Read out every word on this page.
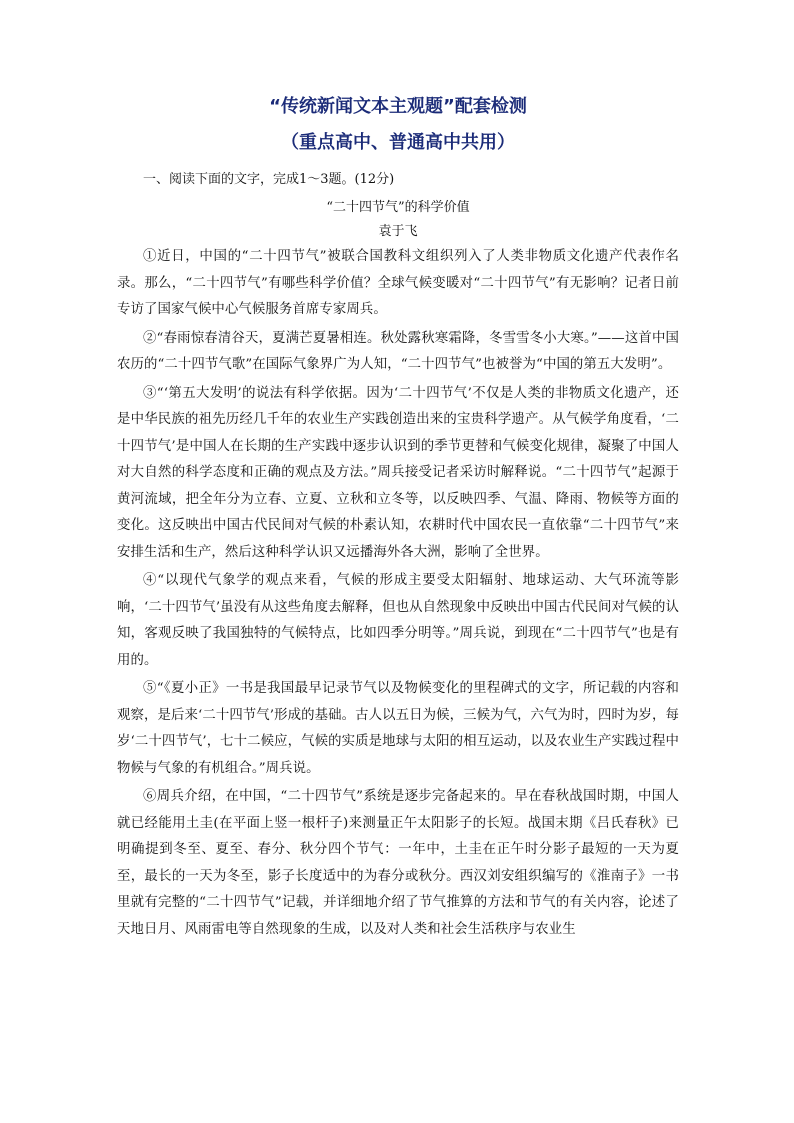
“传统新闻文本主观题”配套检测
（重点高中、普通高中共用）

一、阅读下面的文字，完成1～3题。(12分)

“二十四节气”的科学价值

袁于飞

①近日，中国的“二十四节气”被联合国教科文组织列入了人类非物质文化遗产代表作名录。那么，“二十四节气”有哪些科学价值？全球气候变暖对“二十四节气”有无影响？记者日前专访了国家气候中心气候服务首席专家周兵。

②“春雨惊春清谷天，夏满芒夏暑相连。秋处露秋寒霜降，冬雪雪冬小大寒。”——这首中国农历的“二十四节气歌”在国际气象界广为人知，“二十四节气”也被誉为“中国的第五大发明”。

③“‘第五大发明’的说法有科学依据。因为‘二十四节气’不仅是人类的非物质文化遗产，还是中华民族的祖先历经几千年的农业生产实践创造出来的宝贵科学遗产。从气候学角度看，‘二十四节气’是中国人在长期的生产实践中逐步认识到的季节更替和气候变化规律，凝聚了中国人对大自然的科学态度和正确的观点及方法。”周兵接受记者采访时解释说。“二十四节气”起源于黄河流域，把全年分为立春、立夏、立秋和立冬等，以反映四季、气温、降雨、物候等方面的变化。这反映出中国古代民间对气候的朴素认知，农耕时代中国农民一直依靠“二十四节气”来安排生活和生产，然后这种科学认识又远播海外各大洲，影响了全世界。

④“以现代气象学的观点来看，气候的形成主要受太阳辐射、地球运动、大气环流等影响，‘二十四节气’虽没有从这些角度去解释，但也从自然现象中反映出中国古代民间对气候的认知，客观反映了我国独特的气候特点，比如四季分明等。”周兵说，到现在“二十四节气”也是有用的。

⑤“《夏小正》一书是我国最早记录节气以及物候变化的里程碑式的文字，所记载的内容和观察，是后来‘二十四节气’形成的基础。古人以五日为候，三候为气，六气为时，四时为岁，每岁‘二十四节气’，七十二候应，气候的实质是地球与太阳的相互运动，以及农业生产实践过程中物候与气象的有机组合。”周兵说。

⑥周兵介绍，在中国，“二十四节气”系统是逐步完备起来的。早在春秋战国时期，中国人就已经能用土圭(在平面上竖一根杆子)来测量正午太阳影子的长短。战国末期《吕氏春秋》已明确提到冬至、夏至、春分、秋分四个节气：一年中，土圭在正午时分影子最短的一天为夏至，最长的一天为冬至，影子长度适中的为春分或秋分。西汉刘安组织编写的《淮南子》一书里就有完整的“二十四节气”记载，并详细地介绍了节气推算的方法和节气的有关内容，论述了天地日月、风雨雷电等自然现象的生成，以及对人类和社会生活秩序与农业生
